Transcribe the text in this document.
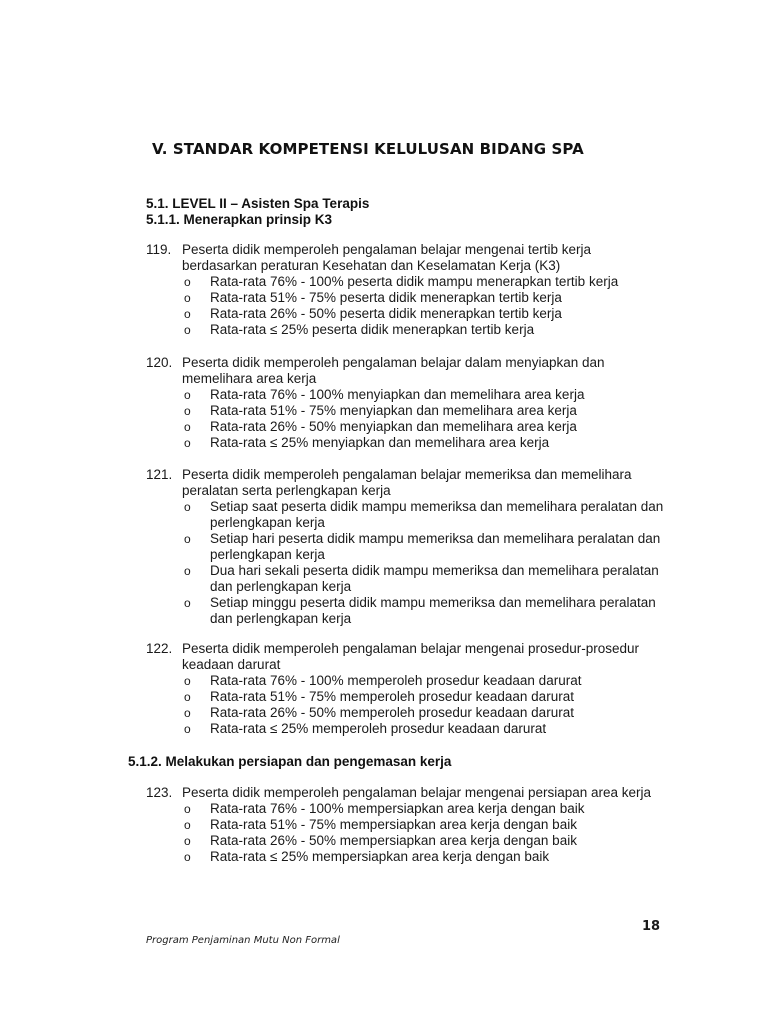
V. STANDAR KOMPETENSI KELULUSAN BIDANG SPA
5.1. LEVEL II – Asisten Spa Terapis
5.1.1. Menerapkan prinsip K3
119. Peserta didik memperoleh pengalaman belajar mengenai tertib kerja berdasarkan peraturan Kesehatan dan Keselamatan Kerja (K3)
o	Rata-rata 76% - 100% peserta didik mampu menerapkan tertib kerja
o	Rata-rata 51% - 75% peserta didik menerapkan tertib kerja
o	Rata-rata 26% - 50% peserta didik menerapkan tertib kerja
o	Rata-rata ≤ 25% peserta didik menerapkan tertib kerja
120. Peserta didik memperoleh pengalaman belajar dalam menyiapkan dan memelihara area kerja
o	Rata-rata 76% - 100% menyiapkan dan memelihara area kerja
o	Rata-rata 51% - 75% menyiapkan dan memelihara area kerja
o	Rata-rata 26% - 50% menyiapkan dan memelihara area kerja
o	Rata-rata ≤ 25% menyiapkan dan memelihara area kerja
121. Peserta didik memperoleh pengalaman belajar memeriksa dan memelihara peralatan serta perlengkapan kerja
o	Setiap saat peserta didik mampu memeriksa dan memelihara peralatan dan perlengkapan kerja
o	Setiap hari peserta didik mampu memeriksa dan memelihara peralatan dan perlengkapan kerja
o	Dua hari sekali peserta didik mampu memeriksa dan memelihara peralatan dan perlengkapan kerja
o	Setiap minggu peserta didik mampu memeriksa dan memelihara peralatan dan perlengkapan kerja
122. Peserta didik memperoleh pengalaman belajar mengenai prosedur-prosedur keadaan darurat
o	Rata-rata 76% - 100% memperoleh prosedur keadaan darurat
o	Rata-rata 51% - 75% memperoleh prosedur keadaan darurat
o	Rata-rata 26% - 50% memperoleh prosedur keadaan darurat
o	Rata-rata ≤ 25% memperoleh prosedur keadaan darurat
5.1.2. Melakukan persiapan dan pengemasan kerja
123. Peserta didik memperoleh pengalaman belajar mengenai persiapan area kerja
o	Rata-rata 76% - 100% mempersiapkan area kerja dengan baik
o	Rata-rata 51% - 75% mempersiapkan area kerja dengan baik
o	Rata-rata 26% - 50% mempersiapkan area kerja dengan baik
o	Rata-rata ≤ 25% mempersiapkan area kerja dengan baik
18
Program Penjaminan Mutu Non Formal
